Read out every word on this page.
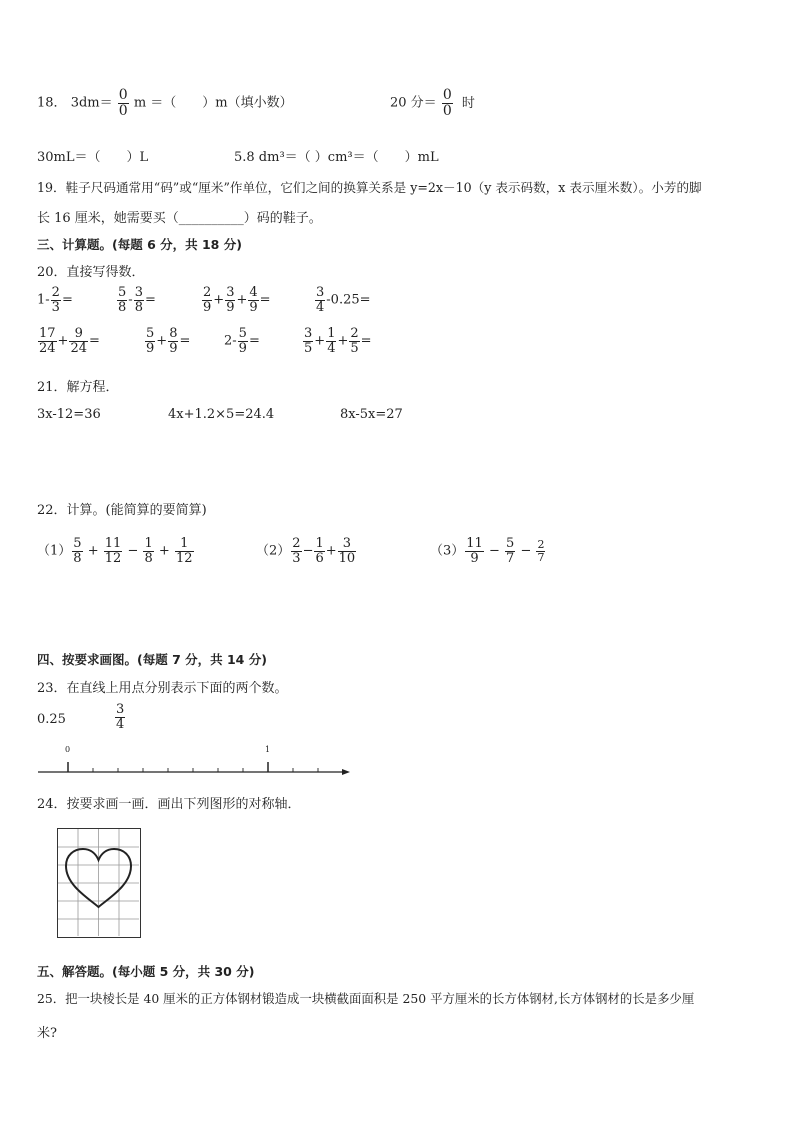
18． $3dm= \frac{0}{0}$ m ＝（ ）m（填小数）	20 分＝ $\frac{0}{0}$ 时
30mL＝（　　）L	5.8 dm³＝（ ）cm³＝（　　）mL
19．鞋子尺码通常用“码”或“厘米”作单位，它们之间的换算关系是 y=2x－10（y 表示码数，x 表示厘米数）。小芳的脚
长 16 厘米，她需要买（__________）码的鞋子。
三、计算题。(每题 6 分，共 18 分)
20．直接写得数．
$1- \frac{2}{3}$ =	$\frac{5}{8} - \frac{3}{8}$ =	$\frac{2}{9} + \frac{3}{9} + \frac{4}{9}$ =	$\frac{3}{4} -0.25=$
$\frac{17}{24} + \frac{9}{24}$ =	$\frac{5}{9} + \frac{8}{9}$ =	$2- \frac{5}{9}$ =	$\frac{3}{5} + \frac{1}{4} + \frac{2}{5}$ =
21．解方程．
3x-12=36	4x+1.2×5=24.4	8x-5x=27
22．计算。(能简算的要简算)
$(1) \frac{5}{8} + \frac{11}{12} - \frac{1}{8} + \frac{1}{12}$	$(2) \frac{2}{3} - \frac{1}{6} + \frac{3}{10}$	$(3) \frac{11}{9} - \frac{5}{7} - \frac{2}{7}$
四、按要求画图。(每题 7 分，共 14 分)
23．在直线上用点分别表示下面的两个数。
0.25	$\frac{3}{4}$
0	1
24．按要求画一画．画出下列图形的对称轴．
五、解答题。(每小题 5 分，共 30 分)
25．把一块棱长是 40 厘米的正方体钢材锻造成一块横截面面积是 250 平方厘米的长方体钢材,长方体钢材的长是多少厘
米?
